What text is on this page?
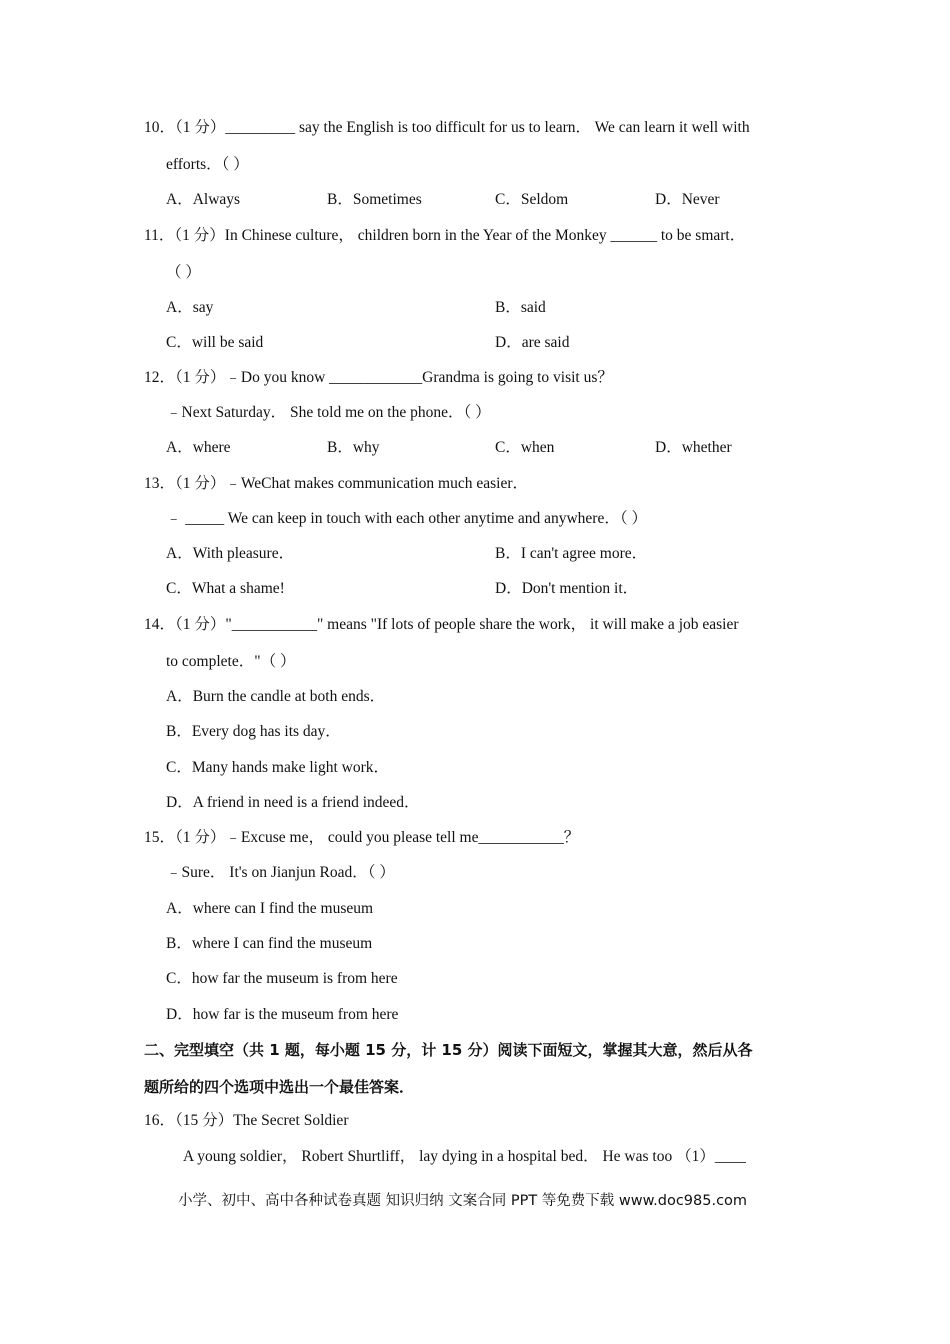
10．（1 分）_________ say the English is too difficult for us to learn． We can learn it well with
efforts．（ ）
A．Always	B．Sometimes	C．Seldom	D．Never
11．（1 分）In Chinese culture， children born in the Year of the Monkey ______ to be smart．
（ ）
A．say	B．said
C．will be said	D．are said
12．（1 分）﹣Do you know ____________Grandma is going to visit us？
﹣Next Saturday． She told me on the phone．（ ）
A．where	B．why	C．when	D．whether
13．（1 分）﹣WeChat makes communication much easier．
﹣ _____ We can keep in touch with each other anytime and anywhere．（ ）
A．With pleasure．	B．I can't agree more．
C．What a shame!	D．Don't mention it．
14．（1 分）"___________" means "If lots of people share the work， it will make a job easier
to complete．"（ ）
A．Burn the candle at both ends．
B．Every dog has its day．
C．Many hands make light work．
D．A friend in need is a friend indeed．
15．（1 分）﹣Excuse me， could you please tell me___________？
﹣Sure． It's on Jianjun Road．（ ）
A．where can I find the museum
B．where I can find the museum
C．how far the museum is from here
D．how far is the museum from here
二、完型填空（共 1 题，每小题 15 分，计 15 分）阅读下面短文，掌握其大意，然后从各
题所给的四个选项中选出一个最佳答案．
16．（15 分）The Secret Soldier
A young soldier， Robert Shurtliff， lay dying in a hospital bed． He was too （1）____
小学、初中、高中各种试卷真题 知识归纳 文案合同 PPT 等免费下载 www.doc985.com
